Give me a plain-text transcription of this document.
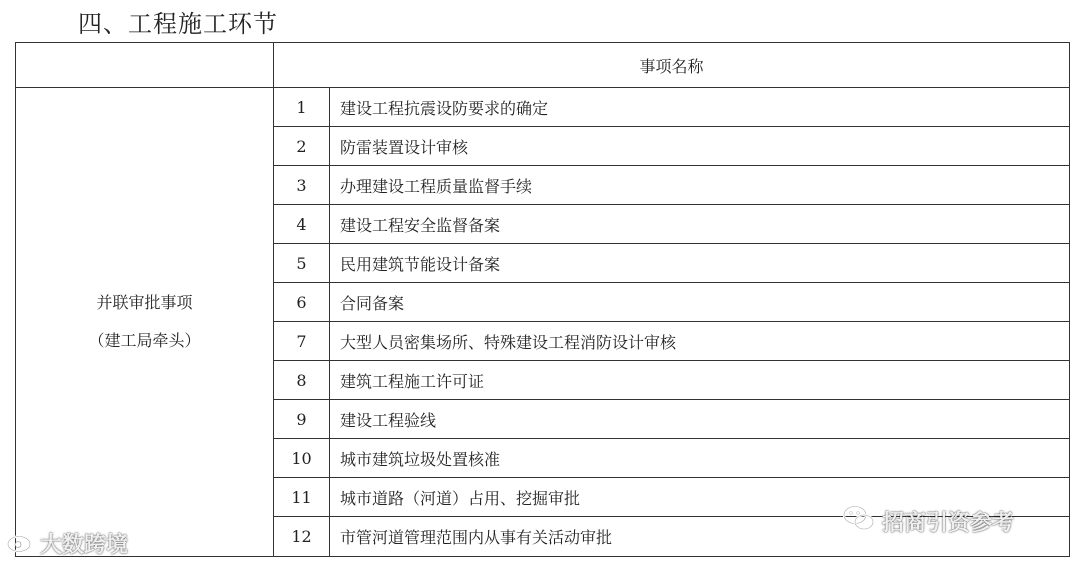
四、工程施工环节
	事项名称	

并联审批事项
（建工局牵头）	1	建设工程抗震设防要求的确定
	2	防雷装置设计审核
	3	办理建设工程质量监督手续
	4	建设工程安全监督备案
	5	民用建筑节能设计备案
	6	合同备案
	7	大型人员密集场所、特殊建设工程消防设计审核
	8	建筑工程施工许可证
	9	建设工程验线
	10	城市建筑垃圾处置核准
	11	城市道路（河道）占用、挖掘审批
	12	市管河道管理范围内从事有关活动审批
大数跨境
招商引资参考
